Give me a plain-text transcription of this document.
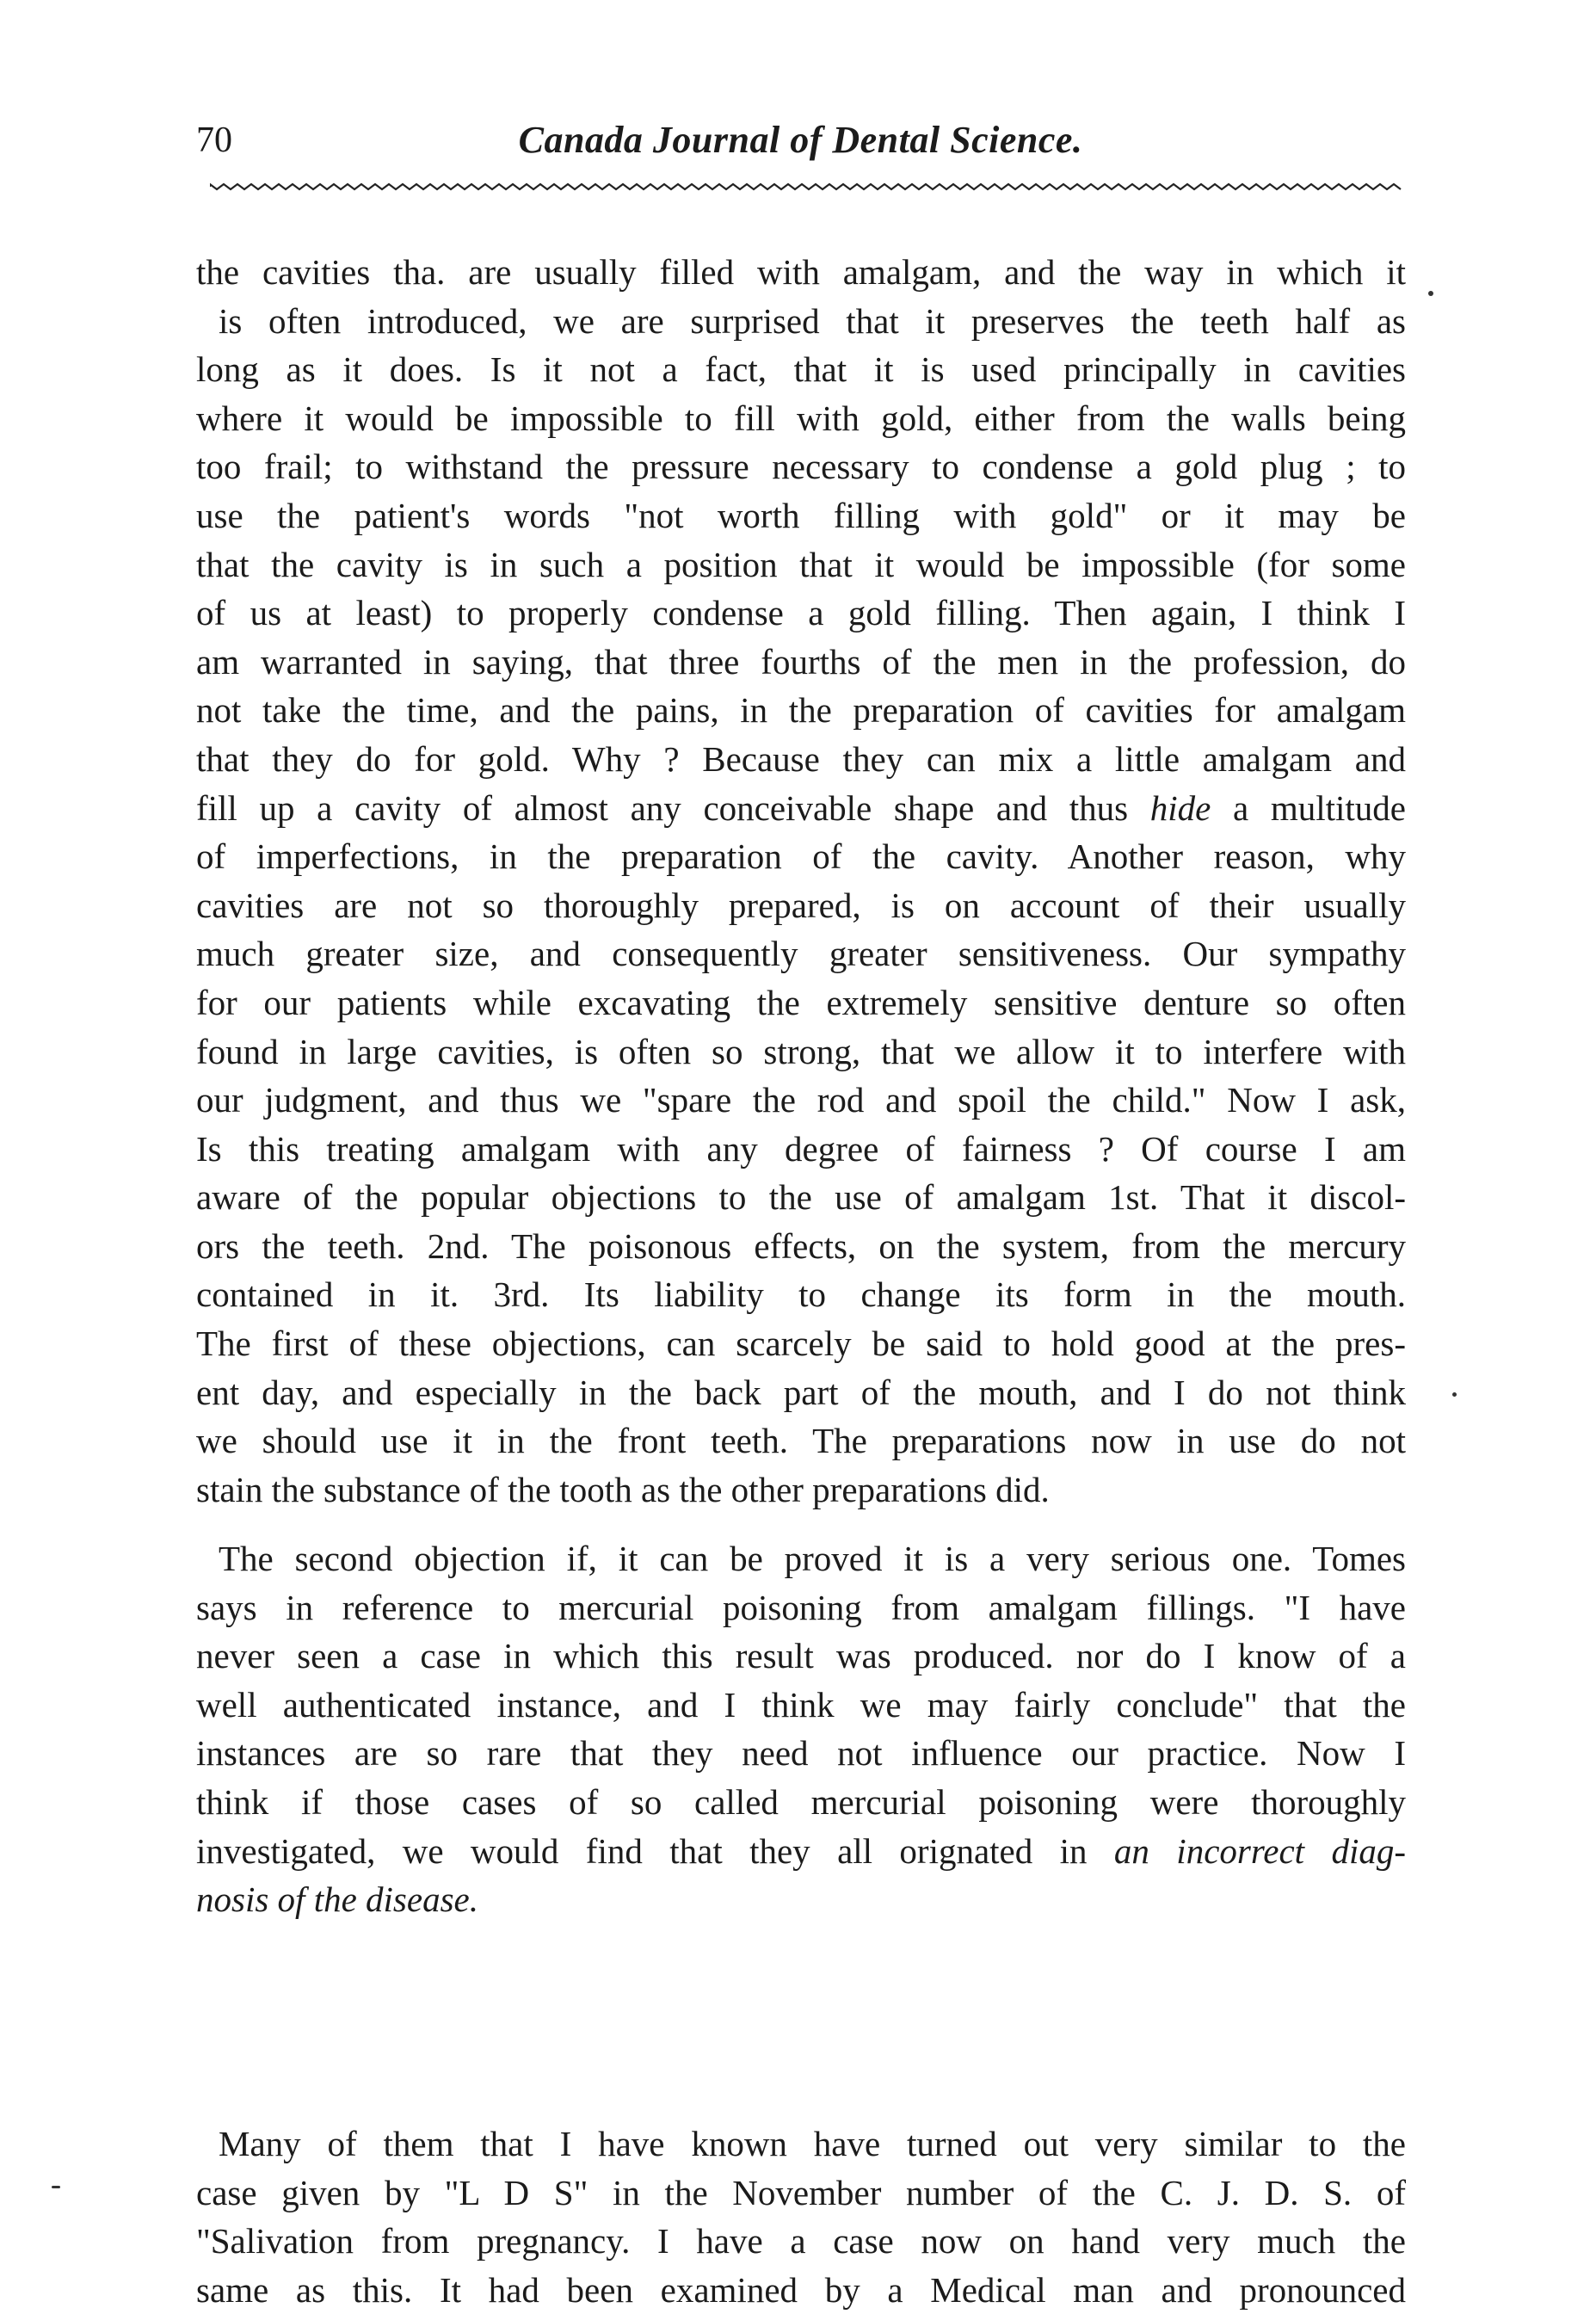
70	Canada Journal of Dental Science.
the cavities tha. are usually filled with amalgam, and the way in which it
is often introduced, we are surprised that it preserves the teeth half as
long as it does. Is it not a fact, that it is used principally in cavities
where it would be impossible to fill with gold, either from the walls being
too frail; to withstand the pressure necessary to condense a gold plug ; to
use the patient's words "not worth filling with gold" or it may be
that the cavity is in such a position that it would be impossible (for some
of us at least) to properly condense a gold filling. Then again, I think I
am warranted in saying, that three fourths of the men in the profession, do
not take the time, and the pains, in the preparation of cavities for amalgam
that they do for gold. Why ? Because they can mix a little amalgam and
fill up a cavity of almost any conceivable shape and thus hide a multitude
of imperfections, in the preparation of the cavity. Another reason, why
cavities are not so thoroughly prepared, is on account of their usually
much greater size, and consequently greater sensitiveness. Our sympathy
for our patients while excavating the extremely sensitive denture so often
found in large cavities, is often so strong, that we allow it to interfere with
our judgment, and thus we "spare the rod and spoil the child." Now I ask,
Is this treating amalgam with any degree of fairness ? Of course I am
aware of the popular objections to the use of amalgam 1st. That it discol-
ors the teeth. 2nd. The poisonous effects, on the system, from the mercury
contained in it. 3rd. Its liability to change its form in the mouth.
The first of these objections, can scarcely be said to hold good at the pres-
ent day, and especially in the back part of the mouth, and I do not think
we should use it in the front teeth. The preparations now in use do not
stain the substance of the tooth as the other preparations did.
The second objection if, it can be proved it is a very serious one. Tomes
says in reference to mercurial poisoning from amalgam fillings. "I have
never seen a case in which this result was produced. nor do I know of a
well authenticated instance, and I think we may fairly conclude" that the
instances are so rare that they need not influence our practice. Now I
think if those cases of so called mercurial poisoning were thoroughly
investigated, we would find that they all orignated in an incorrect diag-
nosis of the disease.
Many of them that I have known have turned out very similar to the
case given by "L D S" in the November number of the C. J. D. S. of
"Salivation from pregnancy. I have a case now on hand very much the
same as this. It had been examined by a Medical man and pronounced
